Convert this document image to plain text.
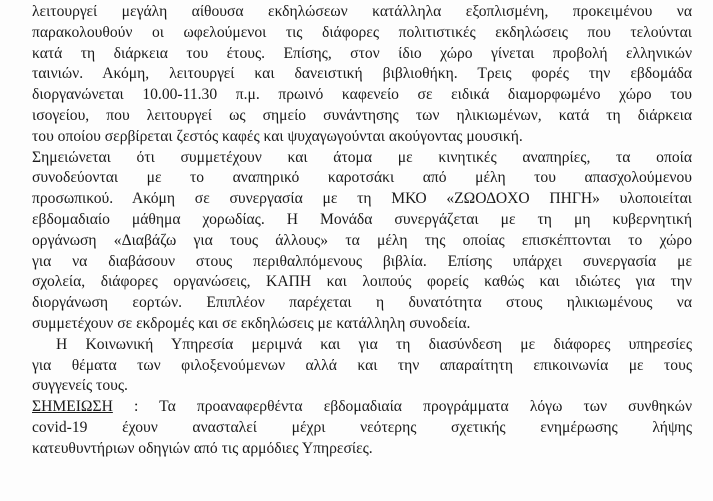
λειτουργεί μεγάλη αίθουσα εκδηλώσεων κατάλληλα εξοπλισμένη, προκειμένου να
παρακολουθούν οι ωφελούμενοι τις διάφορες πολιτιστικές εκδηλώσεις που τελούνται
κατά τη διάρκεια του έτους. Επίσης, στον ίδιο χώρο γίνεται προβολή ελληνικών
ταινιών. Ακόμη, λειτουργεί και δανειστική βιβλιοθήκη. Τρεις φορές την εβδομάδα
διοργανώνεται 10.00-11.30 π.μ. πρωινό καφενείο σε ειδικά διαμορφωμένο χώρο του
ισογείου, που λειτουργεί ως σημείο συνάντησης των ηλικιωμένων, κατά τη διάρκεια
του οποίου σερβίρεται ζεστός καφές και ψυχαγωγούνται ακούγοντας μουσική.
Σημειώνεται ότι συμμετέχουν και άτομα με κινητικές αναπηρίες, τα οποία
συνοδεύονται με το αναπηρικό καροτσάκι από μέλη του απασχολούμενου
προσωπικού. Ακόμη σε συνεργασία με τη ΜΚΟ «ΖΩΟΔΟΧΟ ΠΗΓΗ» υλοποιείται
εβδομαδιαίο μάθημα χορωδίας. Η Μονάδα συνεργάζεται με τη μη κυβερνητική
οργάνωση «Διαβάζω για τους άλλους» τα μέλη της οποίας επισκέπτονται το χώρο
για να διαβάσουν στους περιθαλπόμενους βιβλία. Επίσης υπάρχει συνεργασία με
σχολεία, διάφορες οργανώσεις, ΚΑΠΗ και λοιπούς φορείς καθώς και ιδιώτες για την
διοργάνωση εορτών. Επιπλέον παρέχεται η δυνατότητα στους ηλικιωμένους να
συμμετέχουν σε εκδρομές και σε εκδηλώσεις με κατάλληλη συνοδεία.
Η Κοινωνική Υπηρεσία μεριμνά και για τη διασύνδεση με διάφορες υπηρεσίες
για θέματα των φιλοξενούμενων αλλά και την απαραίτητη επικοινωνία με τους
συγγενείς τους.
ΣΗΜΕΙΩΣΗ : Τα προαναφερθέντα εβδομαδιαία προγράμματα λόγω των συνθηκών
covid-19 έχουν ανασταλεί μέχρι νεότερης σχετικής ενημέρωσης λήψης
κατευθυντήριων οδηγιών από τις αρμόδιες Υπηρεσίες.
